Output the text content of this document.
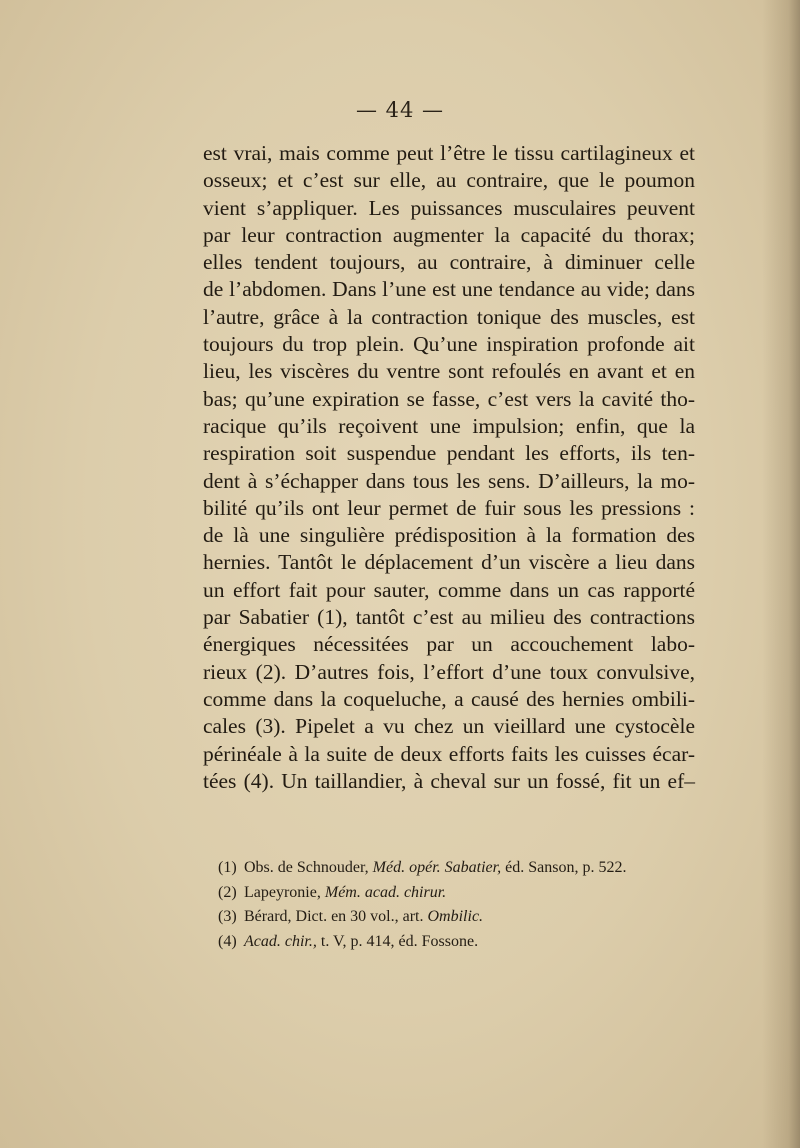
— 44 —
est vrai, mais comme peut l’être le tissu cartilagineux et
osseux; et c’est sur elle, au contraire, que le poumon
vient s’appliquer. Les puissances musculaires peuvent
par leur contraction augmenter la capacité du thorax;
elles tendent toujours, au contraire, à diminuer celle
de l’abdomen. Dans l’une est une tendance au vide; dans
l’autre, grâce à la contraction tonique des muscles, est
toujours du trop plein. Qu’une inspiration profonde ait
lieu, les viscères du ventre sont refoulés en avant et en
bas; qu’une expiration se fasse, c’est vers la cavité tho-
racique qu’ils reçoivent une impulsion; enfin, que la
respiration soit suspendue pendant les efforts, ils ten-
dent à s’échapper dans tous les sens. D’ailleurs, la mo-
bilité qu’ils ont leur permet de fuir sous les pressions :
de là une singulière prédisposition à la formation des
hernies. Tantôt le déplacement d’un viscère a lieu dans
un effort fait pour sauter, comme dans un cas rapporté
par Sabatier (1), tantôt c’est au milieu des contractions
énergiques nécessitées par un accouchement labo-
rieux (2). D’autres fois, l’effort d’une toux convulsive,
comme dans la coqueluche, a causé des hernies ombili-
cales (3). Pipelet a vu chez un vieillard une cystocèle
périnéale à la suite de deux efforts faits les cuisses écar-
tées (4). Un taillandier, à cheval sur un fossé, fit un ef–
(1) Obs. de Schnouder, Méd. opér. Sabatier, éd. Sanson, p. 522.
(2) Lapeyronie, Mém. acad. chirur.
(3) Bérard, Dict. en 30 vol., art. Ombilic.
(4) Acad. chir., t. V, p. 414, éd. Fossone.
